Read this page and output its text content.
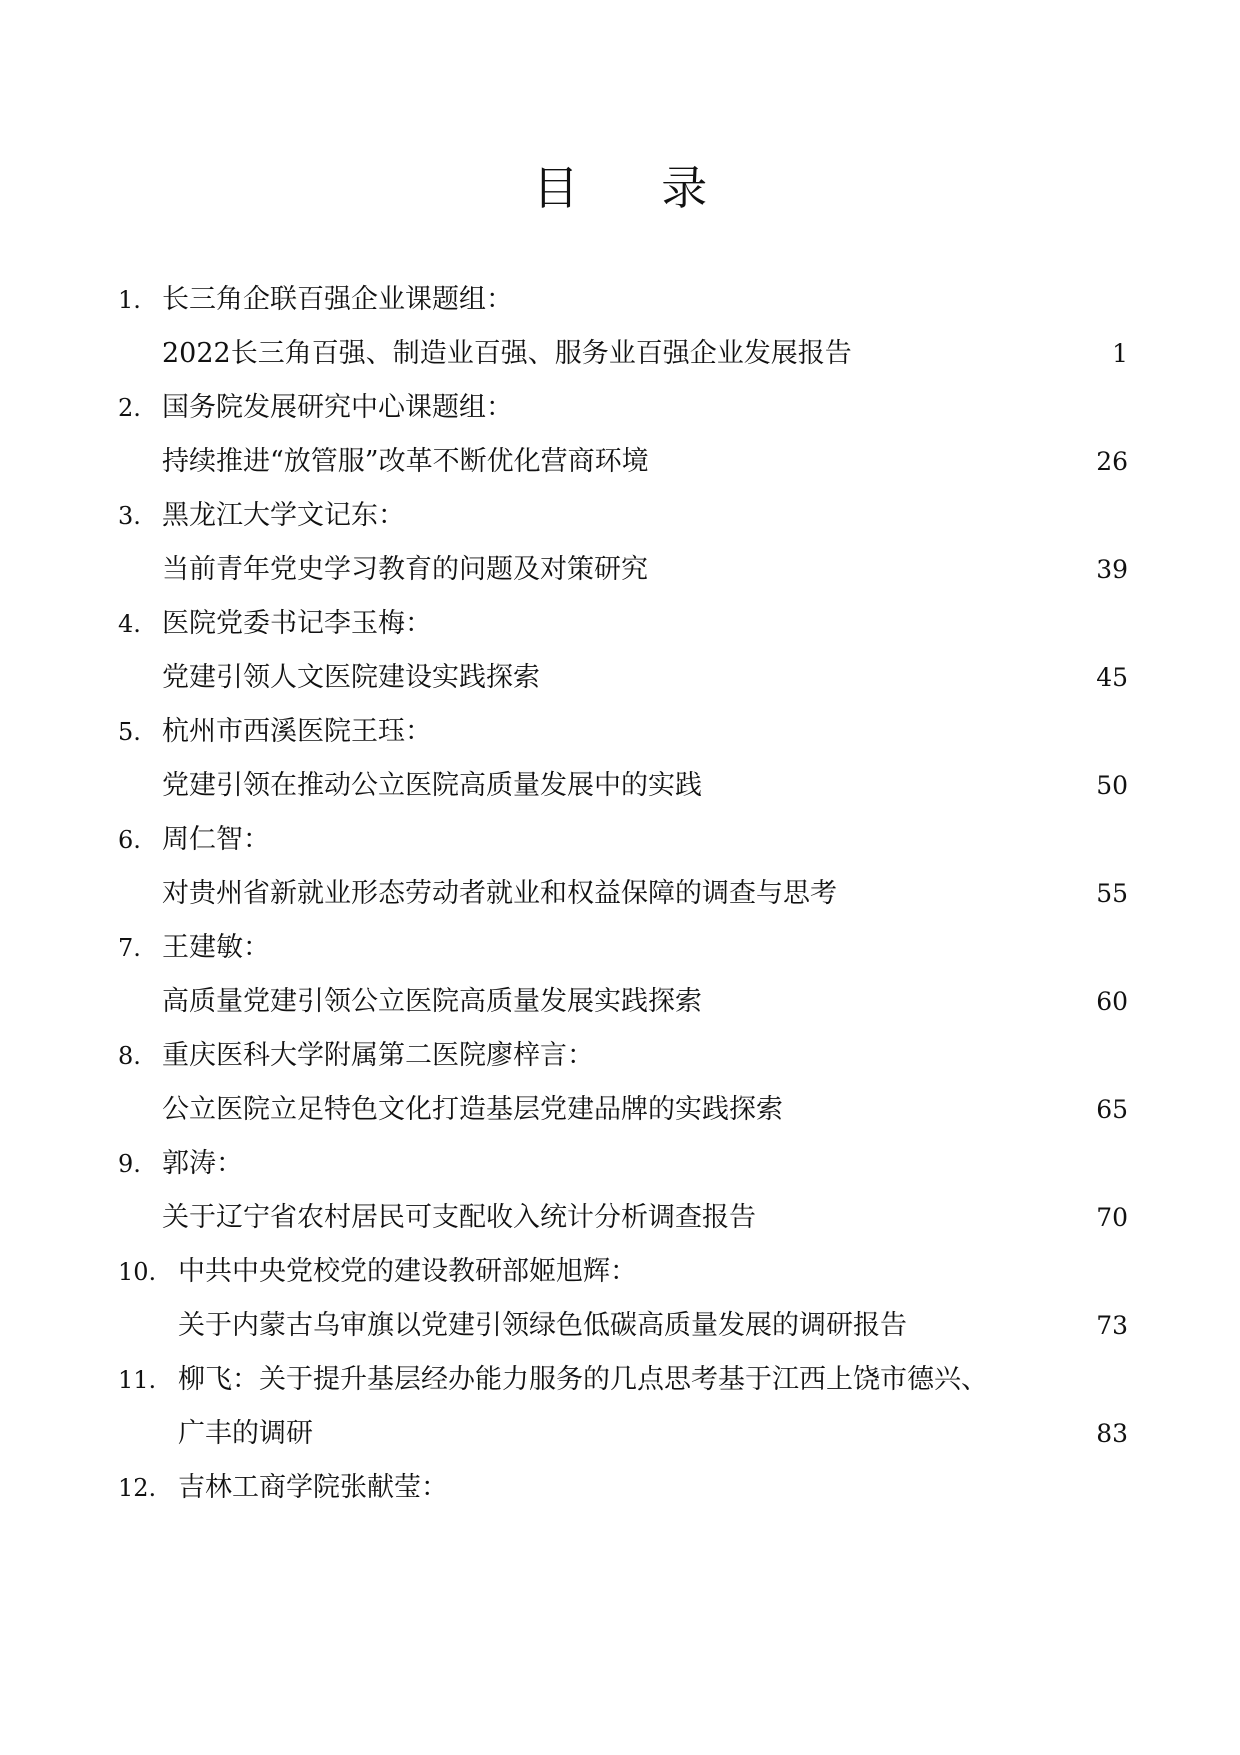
目 录
1. 长三角企联百强企业课题组：
2022长三角百强、制造业百强、服务业百强企业发展报告	1
2. 国务院发展研究中心课题组：
持续推进“放管服”改革不断优化营商环境	26
3. 黑龙江大学文记东：
当前青年党史学习教育的问题及对策研究	39
4. 医院党委书记李玉梅：
党建引领人文医院建设实践探索	45
5. 杭州市西溪医院王珏：
党建引领在推动公立医院高质量发展中的实践	50
6. 周仁智：
对贵州省新就业形态劳动者就业和权益保障的调查与思考	55
7. 王建敏：
高质量党建引领公立医院高质量发展实践探索	60
8. 重庆医科大学附属第二医院廖梓言：
公立医院立足特色文化打造基层党建品牌的实践探索	65
9. 郭涛：
关于辽宁省农村居民可支配收入统计分析调查报告	70
10. 中共中央党校党的建设教研部姬旭辉：
关于内蒙古乌审旗以党建引领绿色低碳高质量发展的调研报告	73
11. 柳飞：关于提升基层经办能力服务的几点思考基于江西上饶市德兴、
广丰的调研	83
12. 吉林工商学院张献莹：
